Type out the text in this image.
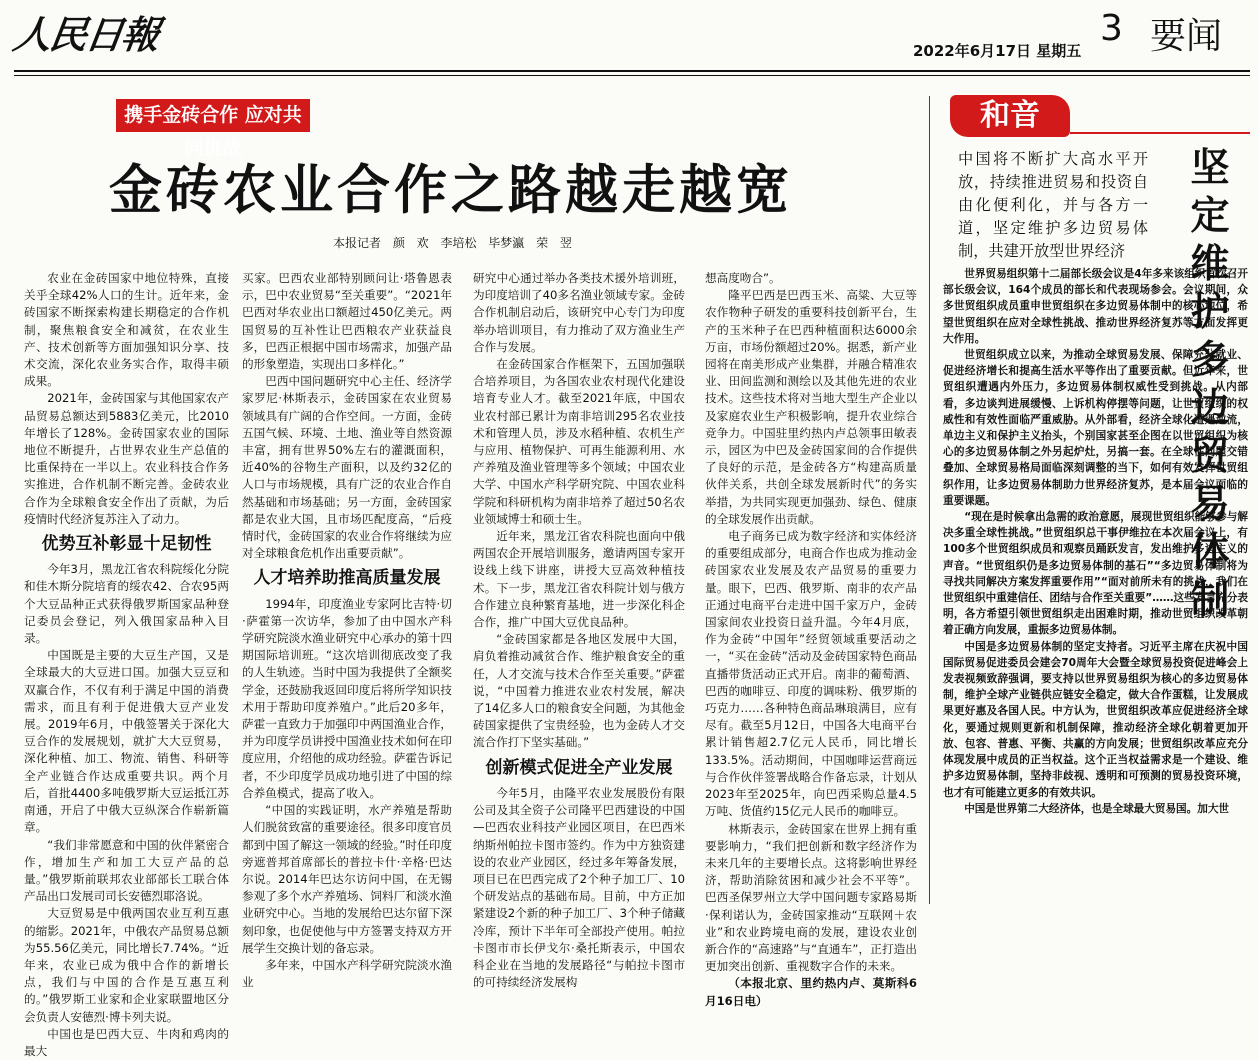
人民日報	2022年6月17日 星期五
3 要闻
携手金砖合作 应对共同挑战
金砖农业合作之路越走越宽
本报记者 颜 欢 李培松 毕梦瀛 荣 翌

农业在金砖国家中地位特殊，直接关乎全球42%人口的生计。近年来，金砖国家不断探索构建长期稳定的合作机制，聚焦粮食安全和减贫，在农业生产、技术创新等方面加强知识分享、技术交流，深化农业务实合作，取得丰硕成果。

2021年，金砖国家与其他国家农产品贸易总额达到5883亿美元，比2010年增长了128%。金砖国家农业的国际地位不断提升，占世界农业生产总值的比重保持在一半以上。农业科技合作务实推进，合作机制不断完善。金砖农业合作为全球粮食安全作出了贡献，为后疫情时代经济复苏注入了动力。

优势互补彰显十足韧性

今年3月，黑龙江省农科院绥化分院和佳木斯分院培育的绥农42、合农95两个大豆品种正式获得俄罗斯国家品种登记委员会登记，列入俄国家品种入目录。

中国既是主要的大豆生产国，又是全球最大的大豆进口国。加强大豆豆和双赢合作，不仅有利于满足中国的消费需求，而且有利于促进俄大豆产业发展。2019年6月，中俄签署关于深化大豆合作的发展规划，就扩大大豆贸易，深化种植、加工、物流、销售、科研等全产业链合作达成重要共识。两个月后，首批4400多吨俄罗斯大豆运抵江苏南通，开启了中俄大豆纵深合作崭新篇章。

“我们非常愿意和中国的伙伴紧密合作，增加生产和加工大豆产品的总量。”俄罗斯前联邦农业部部长工联合体产品出口发展司司长安德烈耶洛说。

大豆贸易是中俄两国农业互利互惠的缩影。2021年，中俄农产品贸易总额为55.56亿美元，同比增长7.74%。“近年来，农业已成为俄中合作的新增长点，我们与中国的合作是互惠互利的。”俄罗斯工业家和企业家联盟地区分会负责人安德烈·博卡列夫说。

中国也是巴西大豆、牛肉和鸡肉的最大

买家。巴西农业部特别顾问让·塔鲁恩表示，巴中农业贸易“至关重要”。“2021年巴西对华农业出口额超过450亿美元。两国贸易的互补性让巴西粮农产业获益良多，巴西正根据中国市场需求，加强产品的形象塑造，实现出口多样化。”

巴西中国问题研究中心主任、经济学家罗尼·林斯表示，金砖国家在农业贸易领域具有广阔的合作空间。一方面，金砖五国气候、环境、土地、渔业等自然资源丰富，拥有世界50%左右的灌溉面积，近40%的谷物生产面积，以及约32亿的人口与市场规模，具有广泛的农业合作自然基础和市场基础；另一方面，金砖国家都是农业大国，且市场匹配度高，“后疫情时代，金砖国家的农业合作将继续为应对全球粮食危机作出重要贡献”。

人才培养助推高质量发展

1994年，印度渔业专家阿比吉特·切·萨霍第一次访华，参加了由中国水产科学研究院淡水渔业研究中心承办的第十四期国际培训班。“这次培训彻底改变了我的人生轨迹。当时中国为我提供了全额奖学金，还鼓励我返回印度后将所学知识技术用于帮助印度养殖户。”此后20多年，萨霍一直致力于加强印中两国渔业合作，并为印度学员讲授中国渔业技术如何在印度应用，介绍他的成功经验。萨霍告诉记者，不少印度学员成功地引进了中国的综合养鱼模式，提高了收入。

“中国的实践证明，水产养殖是帮助人们脱贫致富的重要途径。很多印度官员都到中国了解这一领域的经验。”时任印度旁遮普邦首席部长的普拉卡什·辛格·巴达尔说。2014年巴达尔访问中国，在无锡参观了多个水产养殖场、饲料厂和淡水渔业研究中心。当地的发展给巴达尔留下深刻印象，也促使他与中方签署支持双方开展学生交换计划的备忘录。

多年来，中国水产科学研究院淡水渔业

研究中心通过举办各类技术援外培训班，为印度培训了40多名渔业领域专家。金砖合作机制启动后，该研究中心专门为印度举办培训项目，有力推动了双方渔业生产合作与发展。

在金砖国家合作框架下，五国加强联合培养项目，为各国农业农村现代化建设培育专业人才。截至2021年底，中国农业农村部已累计为南非培训295名农业技术和管理人员，涉及水稻种植、农机生产与应用、植物保护、可再生能源利用、水产养殖及渔业管理等多个领域；中国农业大学、中国水产科学研究院、中国农业科学院和科研机构为南非培养了超过50名农业领域博士和硕士生。

近年来，黑龙江省农科院也面向中俄两国农企开展培训服务，邀请两国专家开设线上线下讲座，讲授大豆高效种植技术。下一步，黑龙江省农科院计划与俄方合作建立良种繁育基地，进一步深化科企合作，推广中国大豆优良品种。

“金砖国家都是各地区发展中大国，肩负着推动减贫合作、维护粮食安全的重任，人才交流与技术合作至关重要。”萨霍说，“中国着力推进农业农村发展，解决了14亿多人口的粮食安全问题，为其他金砖国家提供了宝贵经验，也为金砖人才交流合作打下坚实基础。”

创新模式促进全产业发展

今年5月，由隆平农业发展股份有限公司及其全资子公司隆平巴西建设的中国—巴西农业科技产业园区项目，在巴西米纳斯州帕拉卡图市签约。作为中方独资建设的农业产业园区，经过多年筹备发展，项目已在巴西完成了2个种子加工厂、10个研发站点的基础布局。目前，中方正加紧建设2个新的种子加工厂、3个种子储藏冷库，预计下半年可全部投产使用。帕拉卡图市市长伊戈尔·桑托斯表示，中国农科企业在当地的发展路径“与帕拉卡图市的可持续经济发展构

想高度吻合”。

隆平巴西是巴西玉米、高粱、大豆等农作物种子研发的重要科技创新平台，生产的玉米种子在巴西种植面积达6000余万亩，市场份额超过20%。据悉，新产业园将在南美形成产业集群，并融合精准农业、田间监测和测绘以及其他先进的农业技术。这些技术将对当地大型生产企业以及家庭农业生产积极影响，提升农业综合竞争力。中国驻里约热内卢总领事田敏表示，园区为中巴及金砖国家间的合作提供了良好的示范，是金砖各方“构建高质量伙伴关系，共创全球发展新时代”的务实举措，为共同实现更加强劲、绿色、健康的全球发展作出贡献。

电子商务已成为数字经济和实体经济的重要组成部分，电商合作也成为推动金砖国家农业发展及农产品贸易的重要力量。眼下，巴西、俄罗斯、南非的农产品正通过电商平台走进中国千家万户，金砖国家间农业投资日益升温。今年4月底，作为金砖“中国年”经贸领域重要活动之一，“买在金砖”活动及金砖国家特色商品直播带货活动正式开启。南非的葡萄酒、巴西的咖啡豆、印度的调味粉、俄罗斯的巧克力……各种特色商品琳琅满目，应有尽有。截至5月12日，中国各大电商平台累计销售超2.7亿元人民币，同比增长133.5%。活动期间，中国咖啡运营商远与合作伙伴签署战略合作备忘录，计划从2023年至2025年，向巴西采购总量4.5万吨、货值约15亿元人民币的咖啡豆。

林斯表示，金砖国家在世界上拥有重要影响力，“我们把创新和数字经济作为未来几年的主要增长点。这将影响世界经济，帮助消除贫困和减少社会不平等”。巴西圣保罗州立大学中国问题专家路易斯·保利诺认为，金砖国家推动“互联网＋农业”和农业跨境电商的发展，建设农业创新合作的“高速路”与“直通车”，正打造出更加突出创新、重视数字合作的未来。

（本报北京、里约热内卢、莫斯科6月16日电）

和音
中国将不断扩大高水平开放，持续推进贸易和投资自由化便利化，并与各方一道，坚定维护多边贸易体制，共建开放型世界经济
坚定维护多边贸易体制

世界贸易组织第十二届部长级会议是4年多来该组织首次召开部长级会议，164个成员的部长和代表现场参会。会议期间，众多世贸组织成员重申世贸组织在多边贸易体制中的核心地位，希望世贸组织在应对全球性挑战、推动世界经济复苏等方面发挥更大作用。

世贸组织成立以来，为推动全球贸易发展、保障充分就业、促进经济增长和提高生活水平等作出了重要贡献。但近年来，世贸组织遭遇内外压力，多边贸易体制权威性受到挑战。从内部看，多边谈判进展缓慢、上诉机构停摆等问题，让世贸组织的权威性和有效性面临严重威胁。从外部看，经济全球化遭遇逆流，单边主义和保护主义抬头，个别国家甚至企图在以世贸组织为核心的多边贸易体制之外另起炉灶，另搞一套。在全球性问题交错叠加、全球贸易格局面临深刻调整的当下，如何有效发挥世贸组织作用，让多边贸易体制助力世界经济复苏，是本届会议面临的重要课题。

“现在是时候拿出急需的政治意愿，展现世贸组织能够参与解决多重全球性挑战。”世贸组织总干事伊维拉在本次届会议上，有100多个世贸组织成员和观察员踊跃发言，发出维护多边主义的声音。“世贸组织仍是多边贸易体制的基石”“多边贸易体制将为寻找共同解决方案发挥重要作用”“面对前所未有的挑战，我们在世贸组织中重建信任、团结与合作至关重要”……这些发言充分表明，各方希望引领世贸组织走出困难时期，推动世贸组织改革朝着正确方向发展，重振多边贸易体制。

中国是多边贸易体制的坚定支持者。习近平主席在庆祝中国国际贸易促进委员会建会70周年大会暨全球贸易投资促进峰会上发表视频致辞强调，要支持以世界贸易组织为核心的多边贸易体制，维护全球产业链供应链安全稳定，做大合作蛋糕，让发展成果更好惠及各国人民。中方认为，世贸组织改革应促进经济全球化，要通过规则更新和机制保障，推动经济全球化朝着更加开放、包容、普惠、平衡、共赢的方向发展；世贸组织改革应充分体现发展中成员的正当权益。这个正当权益需求是一个建设、维护多边贸易体制，坚持非歧视、透明和可预测的贸易投资环境，也才有可能建立更多的有效共识。

中国是世界第二大经济体，也是全球最大贸易国。加大世
